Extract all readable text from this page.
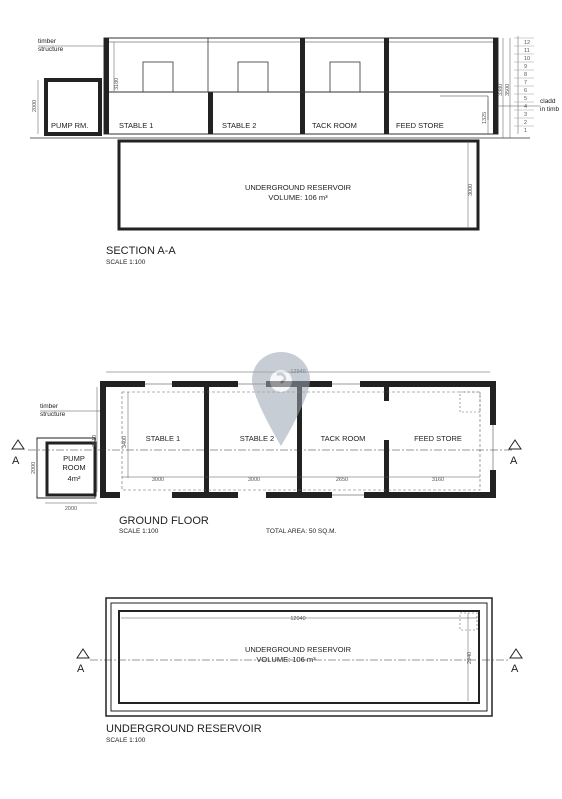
2000
3180
3000
1325
3380 3500
12
11
10
9
8
7
6
5
4
3
2
1
timber
structure
cladd
in timb
PUMP RM.	STABLE 1	STABLE 2	TACK ROOM	FEED STORE
UNDERGROUND RESERVOIR
VOLUME: 106 m³
SECTION A-A
SCALE 1:100
3000	3000	2650	3160
3400
3610
2000
2000
timber
structure
STABLE 1	STABLE 2	TACK ROOM	FEED STORE
PUMP
ROOM
4m²
A	A
GROUND FLOOR
SCALE 1:100	TOTAL AREA: 50 SQ.M.
12040
2940
A	A
UNDERGROUND RESERVOIR
VOLUME: 106 m³
UNDERGROUND RESERVOIR
SCALE 1:100
